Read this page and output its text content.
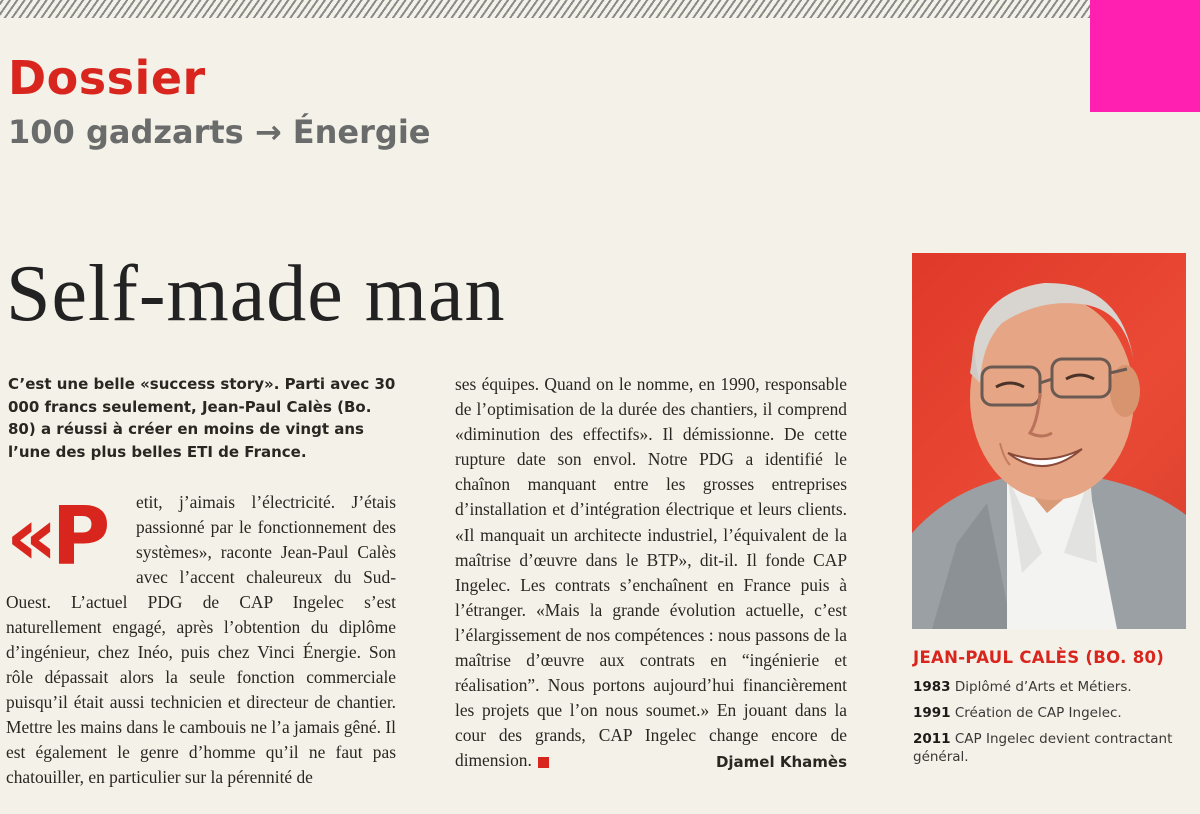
Dossier
100 gadzarts → Énergie
Self-made man
C’est une belle «success story». Parti avec 30 000 francs seulement, Jean-Paul Calès (Bo. 80) a réussi à créer en moins de vingt ans l’une des plus belles ETI de France.
«P	etit, j’aimais l’électricité. J’étais passionné par le fonctionnement des systèmes», raconte Jean-Paul Calès avec l’accent chaleureux du Sud-Ouest. L’actuel PDG de CAP Ingelec s’est naturellement engagé, après l’obtention du diplôme d’ingénieur, chez Inéo, puis chez Vinci Énergie. Son rôle dépassait alors la seule fonction commerciale puisqu’il était aussi technicien et directeur de chantier. Mettre les mains dans le cambouis ne l’a jamais gêné. Il est également le genre d’homme qu’il ne faut pas chatouiller, en particulier sur la pérennité de
ses équipes. Quand on le nomme, en 1990, responsable de l’optimisation de la durée des chantiers, il comprend «diminution des effectifs». Il démissionne. De cette rupture date son envol. Notre PDG a identifié le chaînon manquant entre les grosses entreprises d’installation et d’intégration électrique et leurs clients. «Il manquait un architecte industriel, l’équivalent de la maîtrise d’œuvre dans le BTP», dit-il. Il fonde CAP Ingelec. Les contrats s’enchaînent en France puis à l’étranger. «Mais la grande évolution actuelle, c’est l’élargissement de nos compétences : nous passons de la maîtrise d’œuvre aux contrats en “ingénierie et réalisation”. Nous portons aujourd’hui financièrement les projets que l’on nous soumet.» En jouant dans la cour des grands, CAP Ingelec change encore de dimension.	Djamel Khamès
JEAN-PAUL CALÈS (BO. 80)
1983 Diplômé d’Arts et Métiers.
1991 Création de CAP Ingelec.
2011 CAP Ingelec devient contractant général.
